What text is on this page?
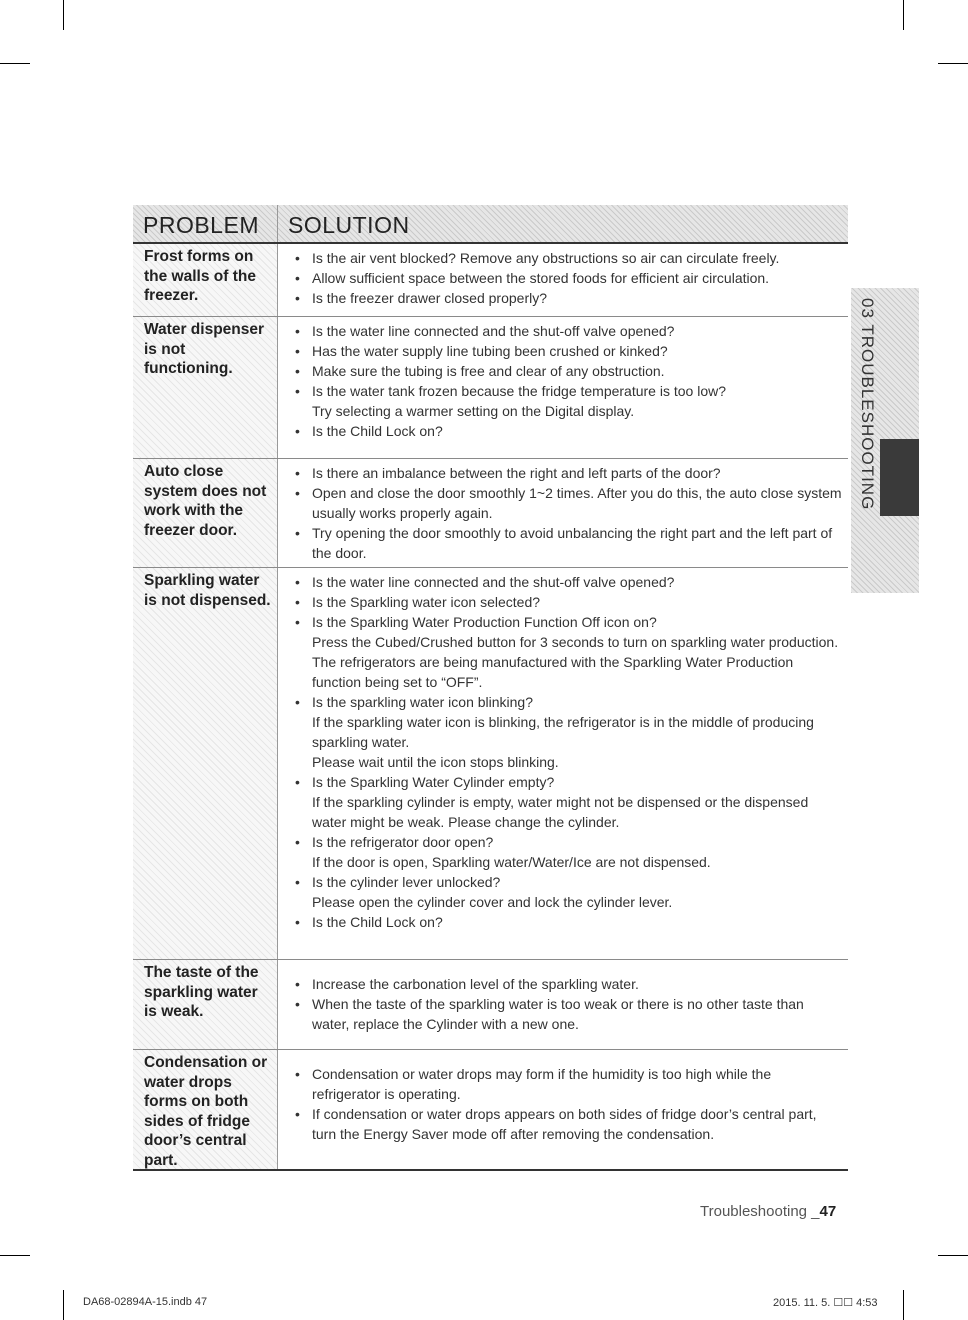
PROBLEM	SOLUTION
Frost forms on the walls of the freezer.
• Is the air vent blocked? Remove any obstructions so air can circulate freely.
• Allow sufficient space between the stored foods for efficient air circulation.
• Is the freezer drawer closed properly?
Water dispenser is not functioning.
• Is the water line connected and the shut-off valve opened?
• Has the water supply line tubing been crushed or kinked?
• Make sure the tubing is free and clear of any obstruction.
• Is the water tank frozen because the fridge temperature is too low?
Try selecting a warmer setting on the Digital display.
• Is the Child Lock on?
Auto close system does not work with the freezer door.
• Is there an imbalance between the right and left parts of the door?
• Open and close the door smoothly 1~2 times. After you do this, the auto close system usually works properly again.
• Try opening the door smoothly to avoid unbalancing the right part and the left part of the door.
Sparkling water is not dispensed.
• Is the water line connected and the shut-off valve opened?
• Is the Sparkling water icon selected?
• Is the Sparkling Water Production Function Off icon on?
Press the Cubed/Crushed button for 3 seconds to turn on sparkling water production.
The refrigerators are being manufactured with the Sparkling Water Production function being set to “OFF”.
• Is the sparkling water icon blinking?
If the sparkling water icon is blinking, the refrigerator is in the middle of producing sparkling water.
Please wait until the icon stops blinking.
• Is the Sparkling Water Cylinder empty?
If the sparkling cylinder is empty, water might not be dispensed or the dispensed water might be weak. Please change the cylinder.
• Is the refrigerator door open?
If the door is open, Sparkling water/Water/Ice are not dispensed.
• Is the cylinder lever unlocked?
Please open the cylinder cover and lock the cylinder lever.
• Is the Child Lock on?
The taste of the sparkling water is weak.
• Increase the carbonation level of the sparkling water.
• When the taste of the sparkling water is too weak or there is no other taste than water, replace the Cylinder with a new one.
Condensation or water drops forms on both sides of fridge door’s central part.
• Condensation or water drops may form if the humidity is too high while the refrigerator is operating.
• If condensation or water drops appears on both sides of fridge door’s central part, turn the Energy Saver mode off after removing the condensation.
03 TROUBLESHOOTING
Troubleshooting _47
DA68-02894A-15.indb 47	2015. 11. 5. ☐☐ 4:53
